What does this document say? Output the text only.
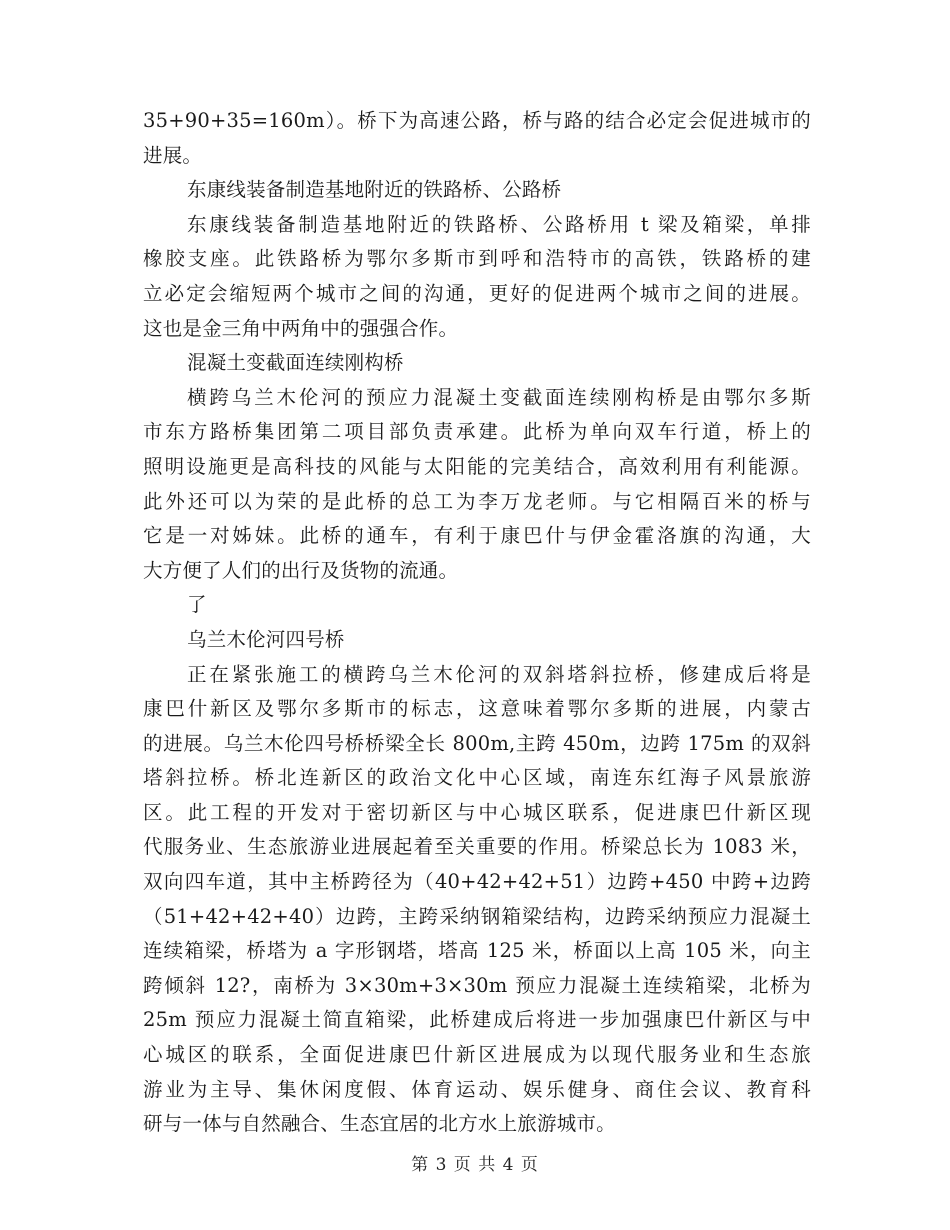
35+90+35=160m）。桥下为高速公路，桥与路的结合必定会促进城市的
进展。
东康线装备制造基地附近的铁路桥、公路桥
东康线装备制造基地附近的铁路桥、公路桥用 t 梁及箱梁，单排
橡胶支座。此铁路桥为鄂尔多斯市到呼和浩特市的高铁，铁路桥的建
立必定会缩短两个城市之间的沟通，更好的促进两个城市之间的进展。
这也是金三角中两角中的强强合作。
混凝土变截面连续刚构桥
横跨乌兰木伦河的预应力混凝土变截面连续刚构桥是由鄂尔多斯
市东方路桥集团第二项目部负责承建。此桥为单向双车行道，桥上的
照明设施更是高科技的风能与太阳能的完美结合，高效利用有利能源。
此外还可以为荣的是此桥的总工为李万龙老师。与它相隔百米的桥与
它是一对姊妹。此桥的通车，有利于康巴什与伊金霍洛旗的沟通，大
大方便了人们的出行及货物的流通。
了
乌兰木伦河四号桥
正在紧张施工的横跨乌兰木伦河的双斜塔斜拉桥，修建成后将是
康巴什新区及鄂尔多斯市的标志，这意味着鄂尔多斯的进展，内蒙古
的进展。乌兰木伦四号桥桥梁全长 800m,主跨 450m，边跨 175m 的双斜
塔斜拉桥。桥北连新区的政治文化中心区域，南连东红海子风景旅游
区。此工程的开发对于密切新区与中心城区联系，促进康巴什新区现
代服务业、生态旅游业进展起着至关重要的作用。桥梁总长为 1083 米，
双向四车道，其中主桥跨径为（40+42+42+51）边跨+450 中跨+边跨
（51+42+42+40）边跨，主跨采纳钢箱梁结构，边跨采纳预应力混凝土
连续箱梁，桥塔为 a 字形钢塔，塔高 125 米，桥面以上高 105 米，向主
跨倾斜 12?，南桥为 3×30m+3×30m 预应力混凝土连续箱梁，北桥为
25m 预应力混凝土简直箱梁，此桥建成后将进一步加强康巴什新区与中
心城区的联系，全面促进康巴什新区进展成为以现代服务业和生态旅
游业为主导、集休闲度假、体育运动、娱乐健身、商住会议、教育科
研与一体与自然融合、生态宜居的北方水上旅游城市。
第 3 页 共 4 页
